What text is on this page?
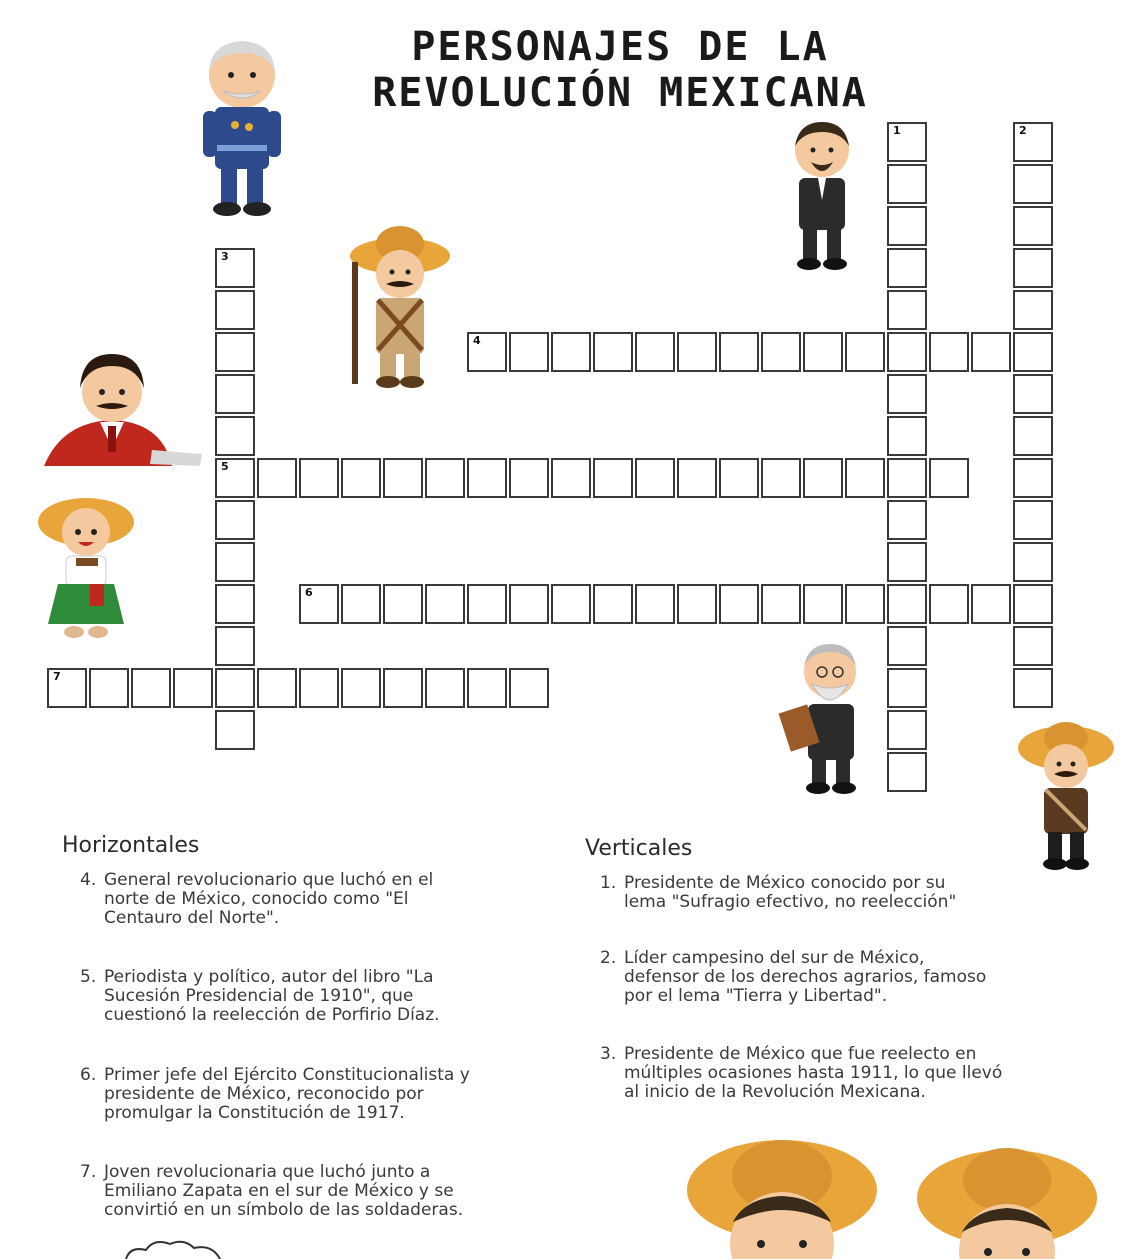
PERSONAJES DE LA
REVOLUCIÓN MEXICANA
1	2
3
5
4
6
7
Horizontales
4. General revolucionario que luchó en el
norte de México, conocido como "El
Centauro del Norte".
5. Periodista y político, autor del libro "La
Sucesión Presidencial de 1910", que
cuestionó la reelección de Porfirio Díaz.
6. Primer jefe del Ejército Constitucionalista y
presidente de México, reconocido por
promulgar la Constitución de 1917.
7. Joven revolucionaria que luchó junto a
Emiliano Zapata en el sur de México y se
convirtió en un símbolo de las soldaderas.
Verticales
1. Presidente de México conocido por su
lema "Sufragio efectivo, no reelección"
2. Líder campesino del sur de México,
defensor de los derechos agrarios, famoso
por el lema "Tierra y Libertad".
3. Presidente de México que fue reelecto en
múltiples ocasiones hasta 1911, lo que llevó
al inicio de la Revolución Mexicana.
